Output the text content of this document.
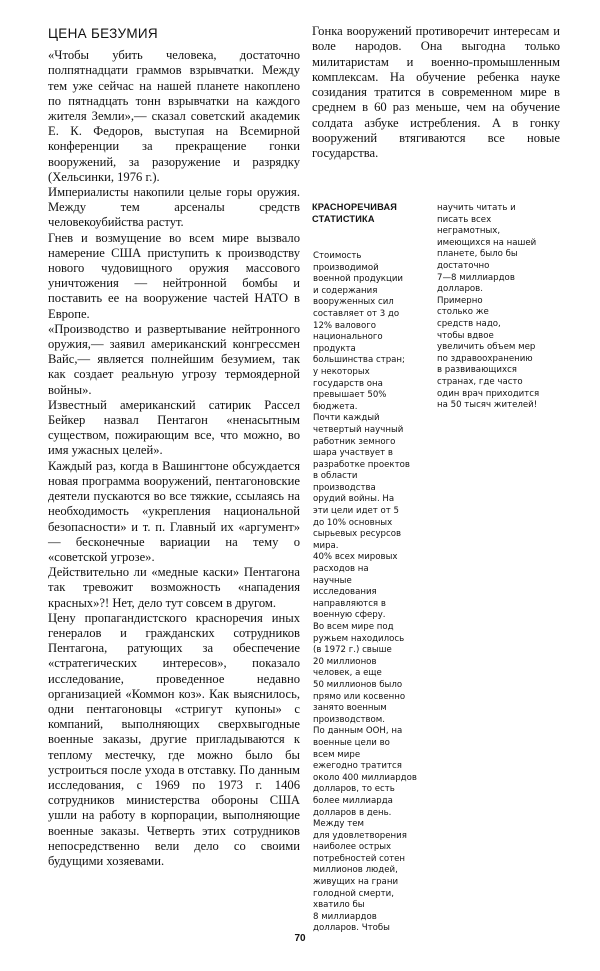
ЦЕНА БЕЗУМИЯ

«Чтобы убить человека, достаточно полпятнадцати граммов взрывчатки. Между тем уже сейчас на нашей планете накоплено по пятнадцать тонн взрывчатки на каждого жителя Земли»,— сказал советский академик Е. К. Федоров, выступая на Всемирной конференции за прекращение гонки вооружений, за разоружение и разрядку (Хельсинки, 1976 г.).

Империалисты накопили целые горы оружия. Между тем арсеналы средств человекоубийства растут.

Гнев и возмущение во всем мире вызвало намерение США приступить к производству нового чудовищного оружия массового уничтожения — нейтронной бомбы и поставить ее на вооружение частей НАТО в Европе.

«Производство и развертывание нейтронного оружия,— заявил американский конгрессмен Вайс,— является полнейшим безумием, так как создает реальную угрозу термоядерной войны».

Известный американский сатирик Рассел Бейкер назвал Пентагон «ненасытным существом, пожирающим все, что можно, во имя ужасных целей».

Каждый раз, когда в Вашингтоне обсуждается новая программа вооружений, пентагоновские деятели пускаются во все тяжкие, ссылаясь на необходимость «укрепления национальной безопасности» и т. п. Главный их «аргумент» — бесконечные вариации на тему о «советской угрозе».

Действительно ли «медные каски» Пентагона так тревожит возможность «нападения красных»?! Нет, дело тут совсем в другом.

Цену пропагандистского красноречия иных генералов и гражданских сотрудников Пентагона, ратующих за обеспечение «стратегических интересов», показало исследование, проведенное недавно организацией «Коммон коз». Как выяснилось, одни пентагоновцы «стригут купоны» с компаний, выполняющих сверхвыгодные военные заказы, другие пригладываются к теплому местечку, где можно было бы устроиться после ухода в отставку. По данным исследования, с 1969 по 1973 г. 1406 сотрудников министерства обороны США ушли на работу в корпорации, выполняющие военные заказы. Четверть этих сотрудников непосредственно вели дело со своими будущими хозяевами.

Гонка вооружений противоречит интересам и воле народов. Она выгодна только милитаристам и военно-промышленным комплексам. На обучение ребенка науке созидания тратится в современном мире в среднем в 60 раз меньше, чем на обучение солдата азбуке истребления. А в гонку вооружений втягиваются все новые государства.

КРАСНОРЕЧИВАЯ
СТАТИСТИКА
Стоимость
производимой
военной продукции
и содержания
вооруженных сил
составляет от 3 до
12% валового
национального
продукта
большинства стран;
у некоторых
государств она
превышает 50%
бюджета.
Почти каждый
четвертый научный
работник земного
шара участвует в
разработке проектов
в области
производства
орудий войны. На
эти цели идет от 5
до 10% основных
сырьевых ресурсов
мира.
40% всех мировых
расходов на
научные
исследования
направляются в
военную сферу.
Во всем мире под
ружьем находилось
(в 1972 г.) свыше
20 миллионов
человек, а еще
50 миллионов было
прямо или косвенно
занято военным
производством.
По данным ООН, на
военные цели во
всем мире
ежегодно тратится
около 400 миллиардов
долларов, то есть
более миллиарда
долларов в день.
Между тем
для удовлетворения
наиболее острых
потребностей сотен
миллионов людей,
живущих на грани
голодной смерти,
хватило бы
8 миллиардов
долларов. Чтобы
научить читать и
писать всех
неграмотных,
имеющихся на нашей
планете, было бы
достаточно
7—8 миллиардов
долларов.
Примерно
столько же
средств надо,
чтобы вдвое
увеличить объем мер
по здравоохранению
в развивающихся
странах, где часто
один врач приходится
на 50 тысяч жителей!
70
